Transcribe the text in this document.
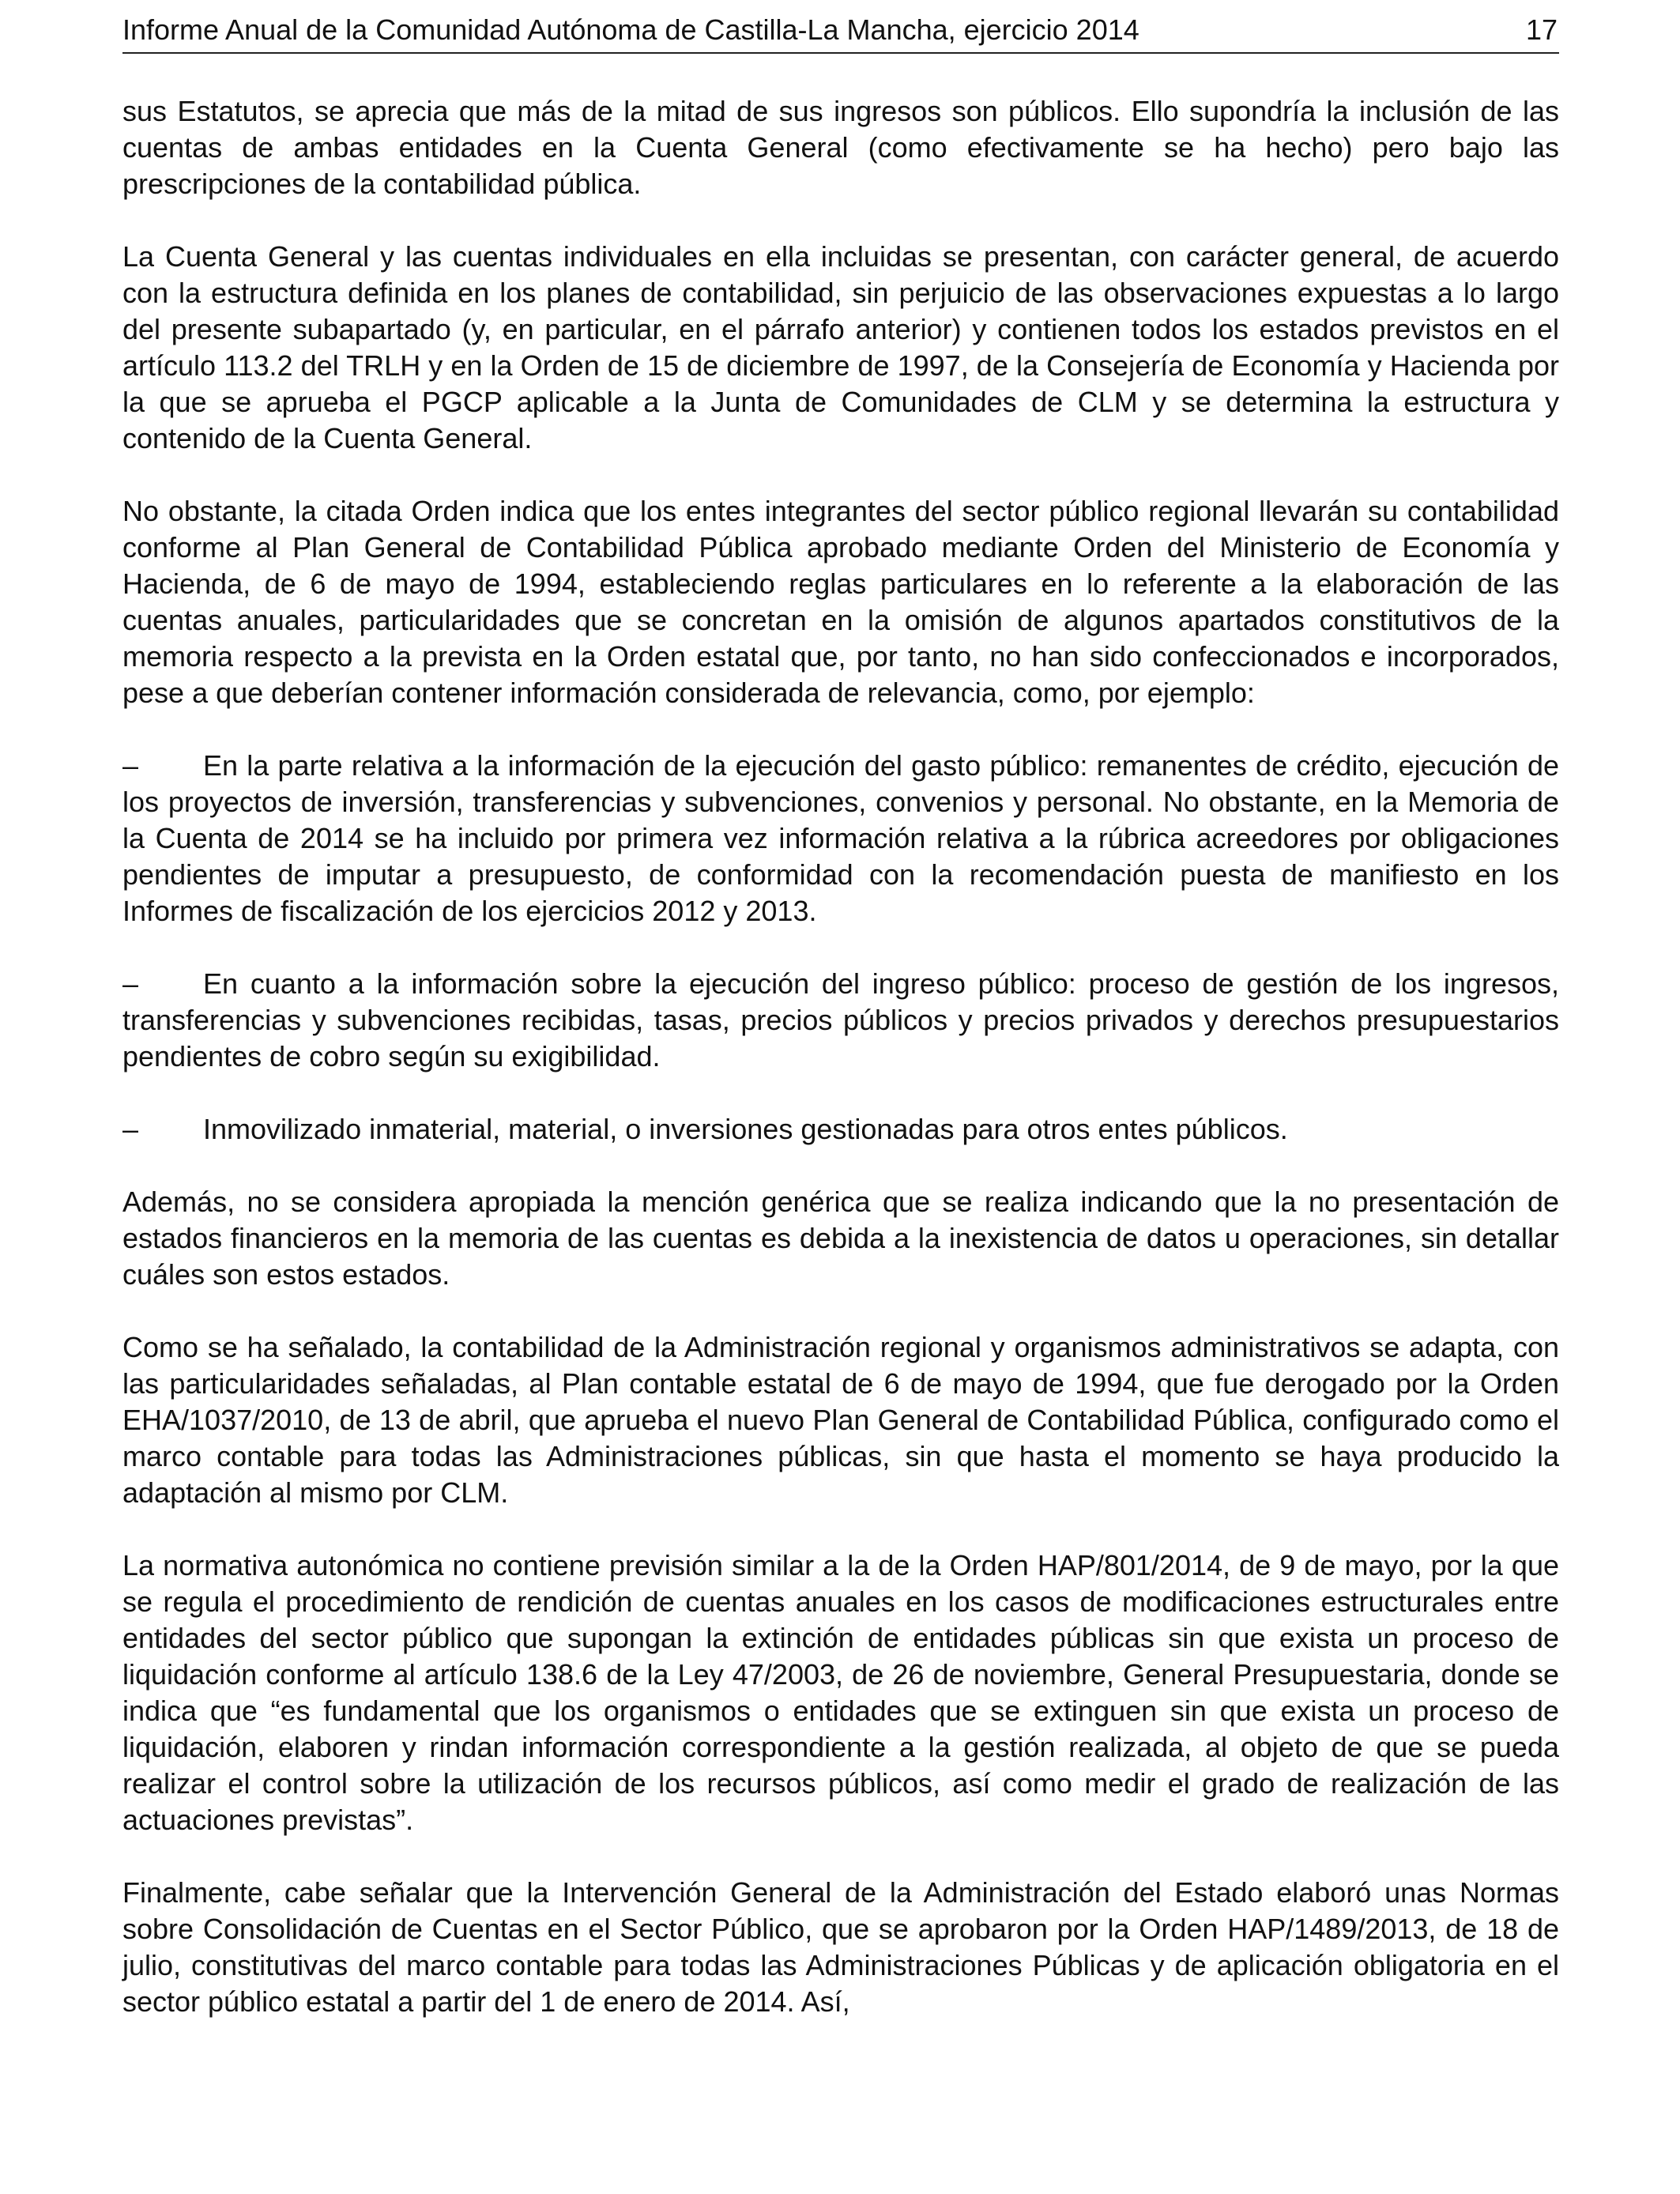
Informe Anual de la Comunidad Autónoma de Castilla-La Mancha, ejercicio 2014	17

sus Estatutos, se aprecia que más de la mitad de sus ingresos son públicos. Ello supondría la inclusión de las cuentas de ambas entidades en la Cuenta General (como efectivamente se ha hecho) pero bajo las prescripciones de la contabilidad pública.

La Cuenta General y las cuentas individuales en ella incluidas se presentan, con carácter general, de acuerdo con la estructura definida en los planes de contabilidad, sin perjuicio de las observaciones expuestas a lo largo del presente subapartado (y, en particular, en el párrafo anterior) y contienen todos los estados previstos en el artículo 113.2 del TRLH y en la Orden de 15 de diciembre de 1997, de la Consejería de Economía y Hacienda por la que se aprueba el PGCP aplicable a la Junta de Comunidades de CLM y se determina la estructura y contenido de la Cuenta General.

No obstante, la citada Orden indica que los entes integrantes del sector público regional llevarán su contabilidad conforme al Plan General de Contabilidad Pública aprobado mediante Orden del Ministerio de Economía y Hacienda, de 6 de mayo de 1994, estableciendo reglas particulares en lo referente a la elaboración de las cuentas anuales, particularidades que se concretan en la omisión de algunos apartados constitutivos de la memoria respecto a la prevista en la Orden estatal que, por tanto, no han sido confeccionados e incorporados, pese a que deberían contener información considerada de relevancia, como, por ejemplo:

– En la parte relativa a la información de la ejecución del gasto público: remanentes de crédito, ejecución de los proyectos de inversión, transferencias y subvenciones, convenios y personal. No obstante, en la Memoria de la Cuenta de 2014 se ha incluido por primera vez información relativa a la rúbrica acreedores por obligaciones pendientes de imputar a presupuesto, de conformidad con la recomendación puesta de manifiesto en los Informes de fiscalización de los ejercicios 2012 y 2013.

– En cuanto a la información sobre la ejecución del ingreso público: proceso de gestión de los ingresos, transferencias y subvenciones recibidas, tasas, precios públicos y precios privados y derechos presupuestarios pendientes de cobro según su exigibilidad.

– Inmovilizado inmaterial, material, o inversiones gestionadas para otros entes públicos.

Además, no se considera apropiada la mención genérica que se realiza indicando que la no presentación de estados financieros en la memoria de las cuentas es debida a la inexistencia de datos u operaciones, sin detallar cuáles son estos estados.

Como se ha señalado, la contabilidad de la Administración regional y organismos administrativos se adapta, con las particularidades señaladas, al Plan contable estatal de 6 de mayo de 1994, que fue derogado por la Orden EHA/1037/2010, de 13 de abril, que aprueba el nuevo Plan General de Contabilidad Pública, configurado como el marco contable para todas las Administraciones públicas, sin que hasta el momento se haya producido la adaptación al mismo por CLM.

La normativa autonómica no contiene previsión similar a la de la Orden HAP/801/2014, de 9 de mayo, por la que se regula el procedimiento de rendición de cuentas anuales en los casos de modificaciones estructurales entre entidades del sector público que supongan la extinción de entidades públicas sin que exista un proceso de liquidación conforme al artículo 138.6 de la Ley 47/2003, de 26 de noviembre, General Presupuestaria, donde se indica que “es fundamental que los organismos o entidades que se extinguen sin que exista un proceso de liquidación, elaboren y rindan información correspondiente a la gestión realizada, al objeto de que se pueda realizar el control sobre la utilización de los recursos públicos, así como medir el grado de realización de las actuaciones previstas”.

Finalmente, cabe señalar que la Intervención General de la Administración del Estado elaboró unas Normas sobre Consolidación de Cuentas en el Sector Público, que se aprobaron por la Orden HAP/1489/2013, de 18 de julio, constitutivas del marco contable para todas las Administraciones Públicas y de aplicación obligatoria en el sector público estatal a partir del 1 de enero de 2014. Así,
